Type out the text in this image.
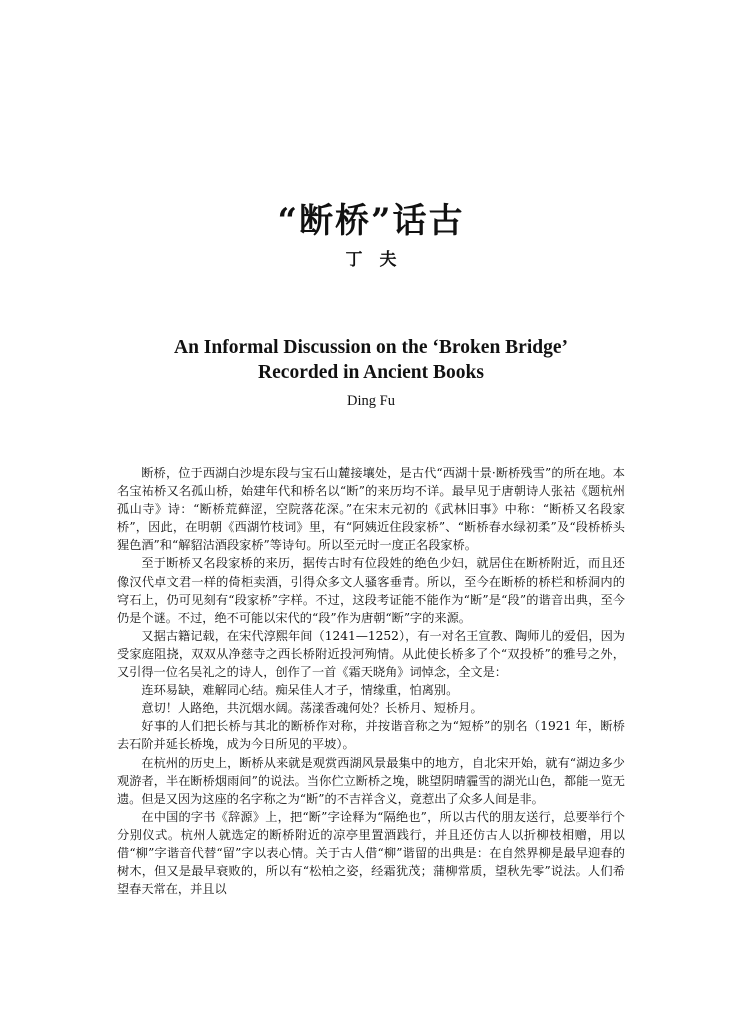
“断桥”话古
丁　夫
An Informal Discussion on the ‘Broken Bridge’
Recorded in Ancient Books
Ding Fu

断桥，位于西湖白沙堤东段与宝石山麓接壤处，是古代“西湖十景·断桥残雪”的所在地。本名宝祐桥又名孤山桥，始建年代和桥名以“断”的来历均不详。最早见于唐朝诗人张祜《题杭州孤山寺》诗：“断桥荒藓涩，空院落花深。”在宋末元初的《武林旧事》中称：“断桥又名段家桥”，因此，在明朝《西湖竹枝词》里，有“阿姨近住段家桥”、“断桥春水绿初柔”及“段桥桥头猩色酒”和“解貂沽酒段家桥”等诗句。所以至元时一度正名段家桥。

至于断桥又名段家桥的来历，据传古时有位段姓的绝色少妇，就居住在断桥附近，而且还像汉代卓文君一样的倚柜卖酒，引得众多文人骚客垂青。所以，至今在断桥的桥栏和桥洞内的穹石上，仍可见刻有“段家桥”字样。不过，这段考证能不能作为“断”是“段”的谐音出典，至今仍是个谜。不过，绝不可能以宋代的“段”作为唐朝“断”字的来源。

又据古籍记载，在宋代淳熙年间（1241—1252），有一对名王宣教、陶师儿的爱侣，因为受家庭阻挠，双双从净慈寺之西长桥附近投河殉情。从此使长桥多了个“双投桥”的雅号之外，又引得一位名吴礼之的诗人，创作了一首《霜天晓角》词悼念，全文是：

连环易缺，难解同心结。痴呆佳人才子，情缘重，怕离别。

意切！人路绝，共沉烟水阔。荡漾香魂何处？长桥月、短桥月。

好事的人们把长桥与其北的断桥作对称，并按谐音称之为“短桥”的别名（1921 年，断桥去石阶并延长桥堍，成为今日所见的平坡）。

在杭州的历史上，断桥从来就是观赏西湖风景最集中的地方，自北宋开始，就有“湖边多少观游者，半在断桥烟雨间”的说法。当你伫立断桥之堍，眺望阴晴霾雪的湖光山色，都能一览无遗。但是又因为这座的名字称之为“断”的不吉祥含义，竟惹出了众多人间是非。

在中国的字书《辞源》上，把“断”字诠释为“隔绝也”，所以古代的朋友送行，总要举行个分别仪式。杭州人就选定的断桥附近的凉亭里置酒践行，并且还仿古人以折柳枝相赠，用以借“柳”字谐音代替“留”字以表心情。关于古人借“柳”谐留的出典是：在自然界柳是最早迎春的树木，但又是最早衰败的，所以有“松柏之姿，经霜犹茂；蒲柳常质，望秋先零”说法。人们希望春天常在，并且以
